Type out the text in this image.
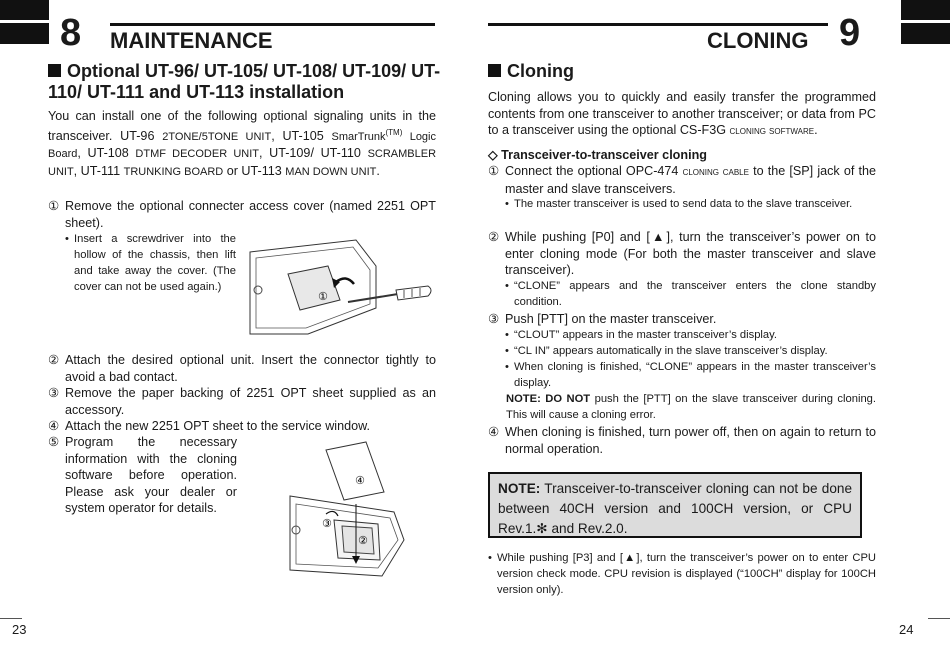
8 MAINTENANCE
Optional UT-96/ UT-105/ UT-108/ UT-109/ UT-110/ UT-111 and UT-113 installation
You can install one of the following optional signaling units in the transceiver. UT-96 2TONE/5TONE UNIT, UT-105 SmarTrunk$^{(TM)}$ Logic Board, UT-108 DTMF DECODER UNIT, UT-109/ UT-110 SCRAMBLER UNIT, UT-111 TRUNKING BOARD or UT-113 MAN DOWN UNIT.
① Remove the optional connecter access cover (named 2251 OPT sheet).
• Insert a screwdriver into the hollow of the chassis, then lift and take away the cover. (The cover can not be used again.)
①
② Attach the desired optional unit. Insert the connector tightly to avoid a bad contact.
③ Remove the paper backing of 2251 OPT sheet supplied as an accessory.
④ Attach the new 2251 OPT sheet to the service window.
⑤ Program the necessary information with the cloning software before operation. Please ask your dealer or system operator for details.
④
③
②
23
CLONING 9
Cloning
Cloning allows you to quickly and easily transfer the programmed contents from one transceiver to another transceiver; or data from PC to a transceiver using the optional CS-F3G cloning software.
◇ Transceiver-to-transceiver cloning
① Connect the optional OPC-474 cloning cable to the [SP] jack of the master and slave transceivers.
• The master transceiver is used to send data to the slave transceiver.
② While pushing [P0] and [▲], turn the transceiver’s power on to enter cloning mode (For both the master transceiver and slave transceiver).
• “CLONE” appears and the transceiver enters the clone standby condition.
③ Push [PTT] on the master transceiver.
• “CLOUT” appears in the master transceiver’s display.
• “CL IN” appears automatically in the slave transceiver’s display.
• When cloning is finished, “CLONE” appears in the master transceiver’s display.
NOTE: DO NOT push the [PTT] on the slave transceiver during cloning. This will cause a cloning error.
④ When cloning is finished, turn power off, then on again to return to normal operation.
NOTE: Transceiver-to-transceiver cloning can not be done between 40CH version and 100CH version, or CPU Rev.1.✻ and Rev.2.0.
• While pushing [P3] and [▲], turn the transceiver’s power on to enter CPU version check mode. CPU revision is displayed (“100CH” display for 100CH version only).
24
